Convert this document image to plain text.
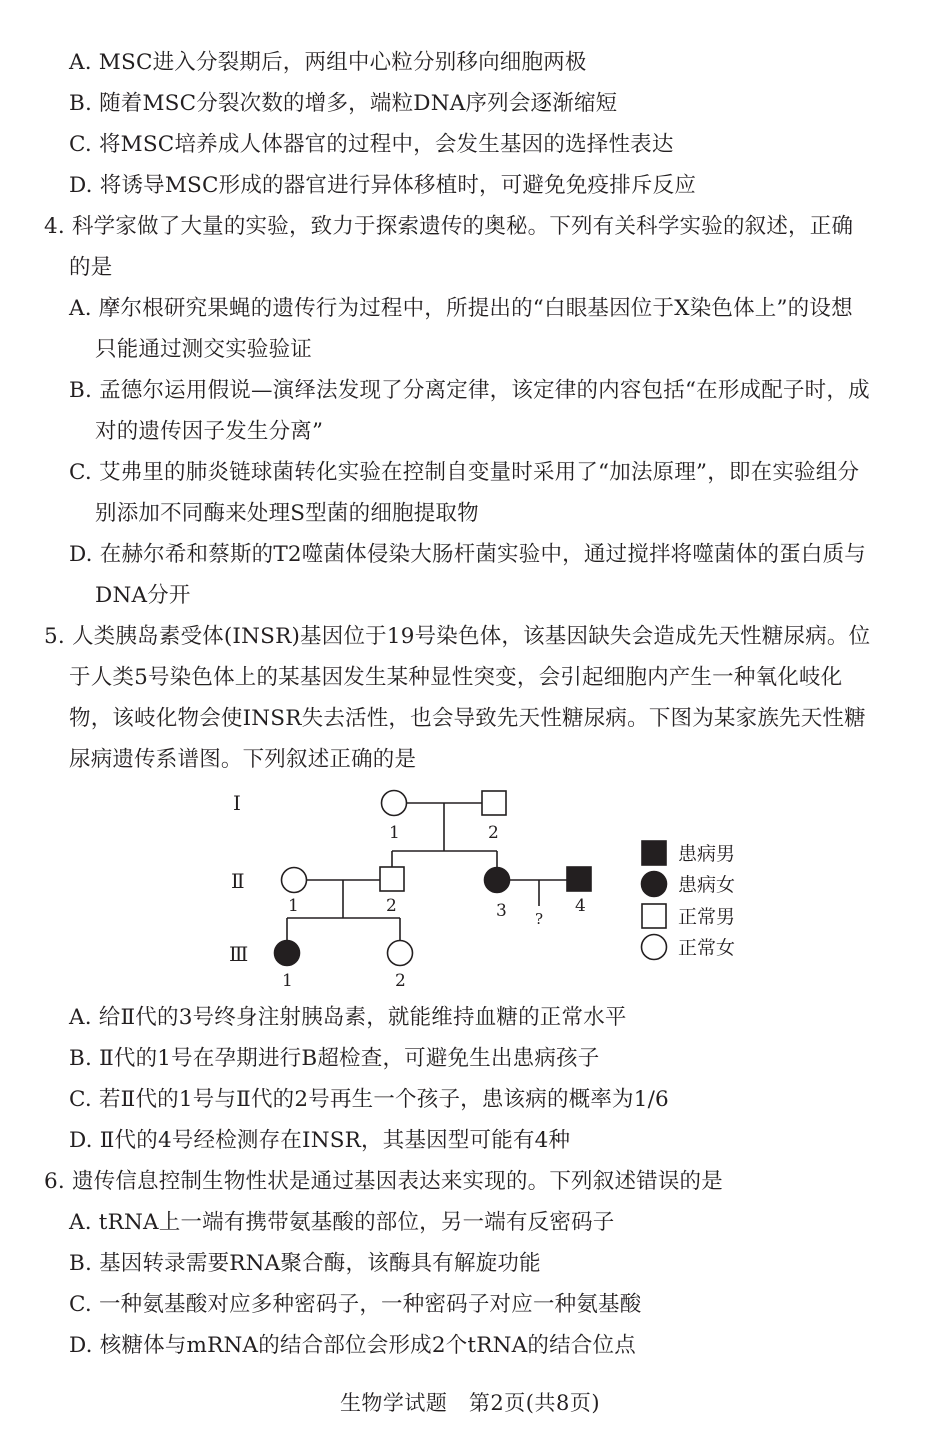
A. MSC进入分裂期后，两组中心粒分别移向细胞两极
B. 随着MSC分裂次数的增多，端粒DNA序列会逐渐缩短
C. 将MSC培养成人体器官的过程中，会发生基因的选择性表达
D. 将诱导MSC形成的器官进行异体移植时，可避免免疫排斥反应
4. 科学家做了大量的实验，致力于探索遗传的奥秘。下列有关科学实验的叙述，正确
的是
A. 摩尔根研究果蝇的遗传行为过程中，所提出的“白眼基因位于X染色体上”的设想
只能通过测交实验验证
B. 孟德尔运用假说—演绎法发现了分离定律，该定律的内容包括“在形成配子时，成
对的遗传因子发生分离”
C. 艾弗里的肺炎链球菌转化实验在控制自变量时采用了“加法原理”，即在实验组分
别添加不同酶来处理S型菌的细胞提取物
D. 在赫尔希和蔡斯的T2噬菌体侵染大肠杆菌实验中，通过搅拌将噬菌体的蛋白质与
DNA分开
5. 人类胰岛素受体(INSR)基因位于19号染色体，该基因缺失会造成先天性糖尿病。位
于人类5号染色体上的某基因发生某种显性突变，会引起细胞内产生一种氧化岐化
物，该岐化物会使INSR失去活性，也会导致先天性糖尿病。下图为某家族先天性糖
尿病遗传系谱图。下列叙述正确的是
Ⅰ
Ⅱ
Ⅲ
1	2
1	2	3	4
?
1	2
患病男
患病女
正常男
正常女
A. 给Ⅱ代的3号终身注射胰岛素，就能维持血糖的正常水平
B. Ⅱ代的1号在孕期进行B超检查，可避免生出患病孩子
C. 若Ⅱ代的1号与Ⅱ代的2号再生一个孩子，患该病的概率为1/6
D. Ⅱ代的4号经检测存在INSR，其基因型可能有4种
6. 遗传信息控制生物性状是通过基因表达来实现的。下列叙述错误的是
A. tRNA上一端有携带氨基酸的部位，另一端有反密码子
B. 基因转录需要RNA聚合酶，该酶具有解旋功能
C. 一种氨基酸对应多种密码子，一种密码子对应一种氨基酸
D. 核糖体与mRNA的结合部位会形成2个tRNA的结合位点
生物学试题　第2页(共8页)
